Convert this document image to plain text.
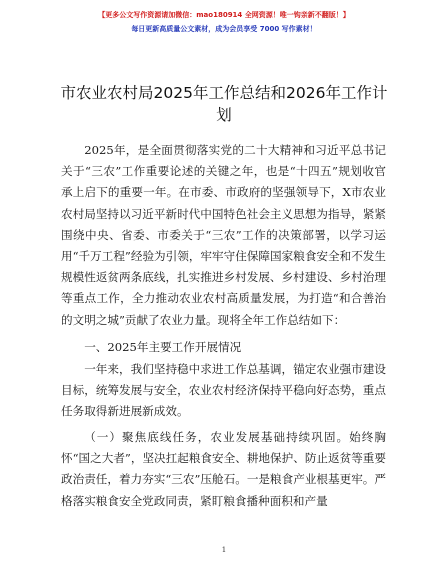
【更多公文写作资源请加微信：mao180914 全网资源！唯一钩亲新不翻版！】
每日更新高质量公文素材，成为会员享受 7000 写作素材！
市农业农村局2025年工作总结和2026年工作计划
2025年，是全面贯彻落实党的二十大精神和习近平总书记关于“三农”工作重要论述的关键之年，也是“十四五”规划收官承上启下的重要一年。在市委、市政府的坚强领导下，X市农业农村局坚持以习近平新时代中国特色社会主义思想为指导，紧紧围绕中央、省委、市委关于“三农”工作的决策部署，以学习运用“千万工程”经验为引领，牢牢守住保障国家粮食安全和不发生规模性返贫两条底线，扎实推进乡村发展、乡村建设、乡村治理等重点工作，全力推动农业农村高质量发展，为打造“和合善治的文明之城”贡献了农业力量。现将全年工作总结如下：
一、2025年主要工作开展情况
一年来，我们坚持稳中求进工作总基调，锚定农业强市建设目标，统筹发展与安全，农业农村经济保持平稳向好态势，重点任务取得新进展新成效。
（一）聚焦底线任务，农业发展基础持续巩固。始终胸怀“国之大者”，坚决扛起粮食安全、耕地保护、防止返贫等重要政治责任，着力夯实“三农”压舱石。一是粮食产业根基更牢。严格落实粮食安全党政同责，紧盯粮食播种面积和产量
1
